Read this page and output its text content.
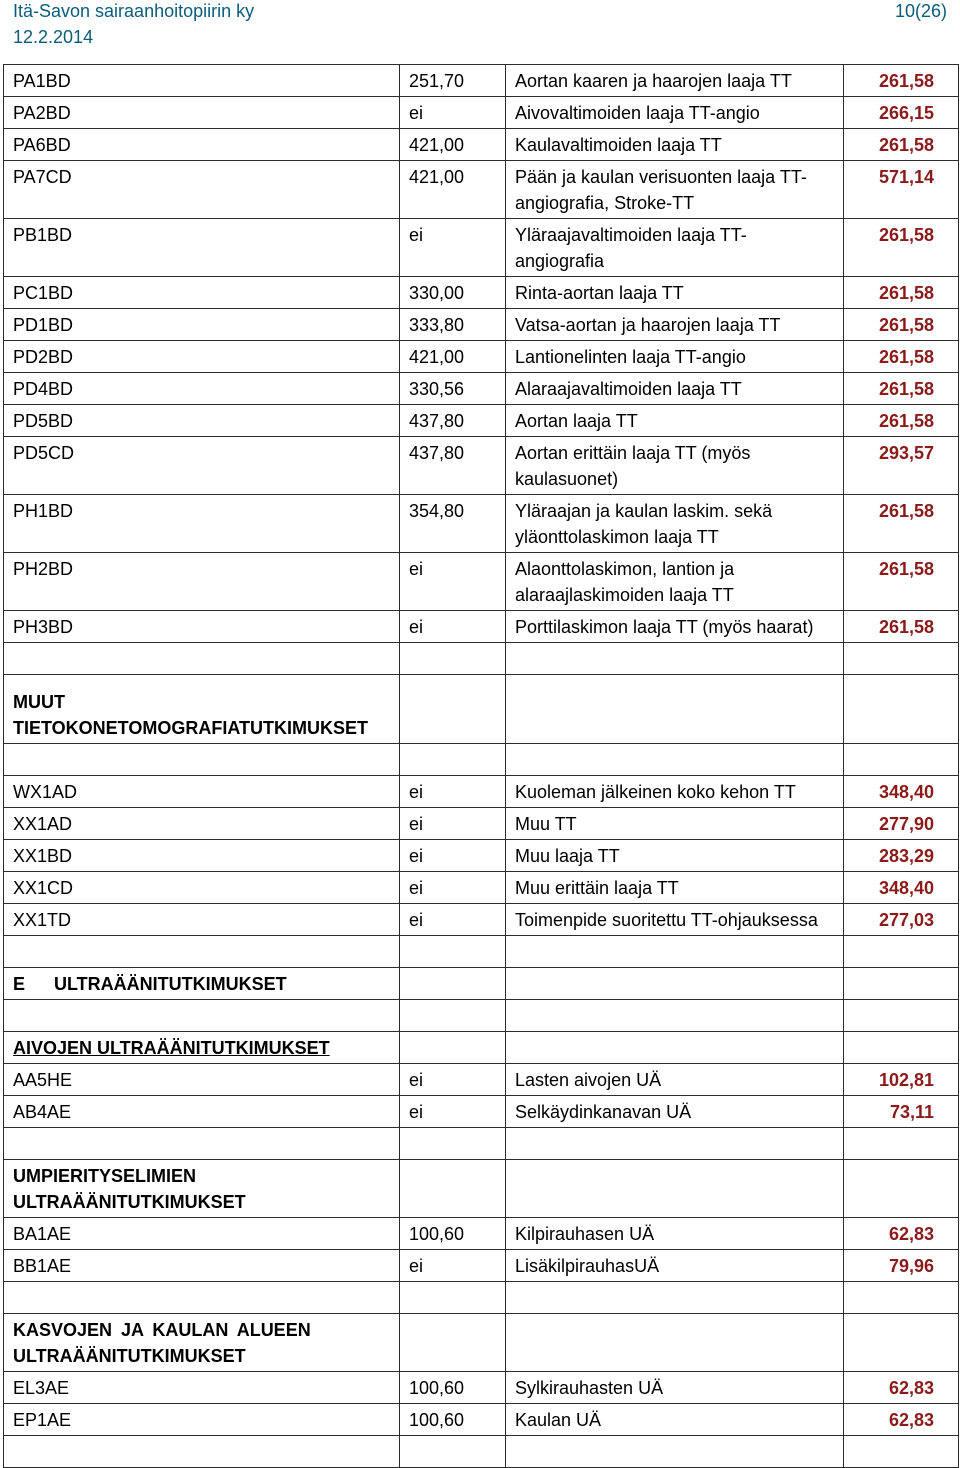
Itä-Savon sairaanhoitopiirin ky
12.2.2014
10(26)
PA1BD	251,70	Aortan kaaren ja haarojen laaja TT	261,58
PA2BD	ei	Aivovaltimoiden laaja TT-angio	266,15
PA6BD	421,00	Kaulavaltimoiden laaja TT	261,58
PA7CD	421,00	Pään ja kaulan verisuonten laaja TT-angiografia, Stroke-TT	571,14
PB1BD	ei	Yläraajavaltimoiden laaja TT-angiografia	261,58
PC1BD	330,00	Rinta-aortan laaja TT	261,58
PD1BD	333,80	Vatsa-aortan ja haarojen laaja TT	261,58
PD2BD	421,00	Lantionelinten laaja TT-angio	261,58
PD4BD	330,56	Alaraajavaltimoiden laaja TT	261,58
PD5BD	437,80	Aortan laaja TT	261,58
PD5CD	437,80	Aortan erittäin laaja TT (myös kaulasuonet)	293,57
PH1BD	354,80	Yläraajan ja kaulan laskim. sekä yläonttolaskimon laaja TT	261,58
PH2BD	ei	Alaonttolaskimon, lantion ja alaraajlaskimoiden laaja TT	261,58
PH3BD	ei	Porttilaskimon laaja TT (myös haarat)	261,58

MUUT TIETOKONETOMOGRAFIATUTKIMUKSET			

WX1AD	ei	Kuoleman jälkeinen koko kehon TT	348,40
XX1AD	ei	Muu TT	277,90
XX1BD	ei	Muu laaja TT	283,29
XX1CD	ei	Muu erittäin laaja TT	348,40
XX1TD	ei	Toimenpide suoritettu TT-ohjauksessa	277,03

E ULTRAÄÄNITUTKIMUKSET			

AIVOJEN ULTRAÄÄNITUTKIMUKSET			
AA5HE	ei	Lasten aivojen UÄ	102,81
AB4AE	ei	Selkäydinkanavan UÄ	73,11

UMPIERITYSELIMIEN ULTRAÄÄNITUTKIMUKSET			
BA1AE	100,60	Kilpirauhasen UÄ	62,83
BB1AE	ei	LisäkilpirauhasUÄ	79,96

KASVOJEN JA KAULAN ALUEEN ULTRAÄÄNITUTKIMUKSET			
EL3AE	100,60	Sylkirauhasten UÄ	62,83
EP1AE	100,60	Kaulan UÄ	62,83
